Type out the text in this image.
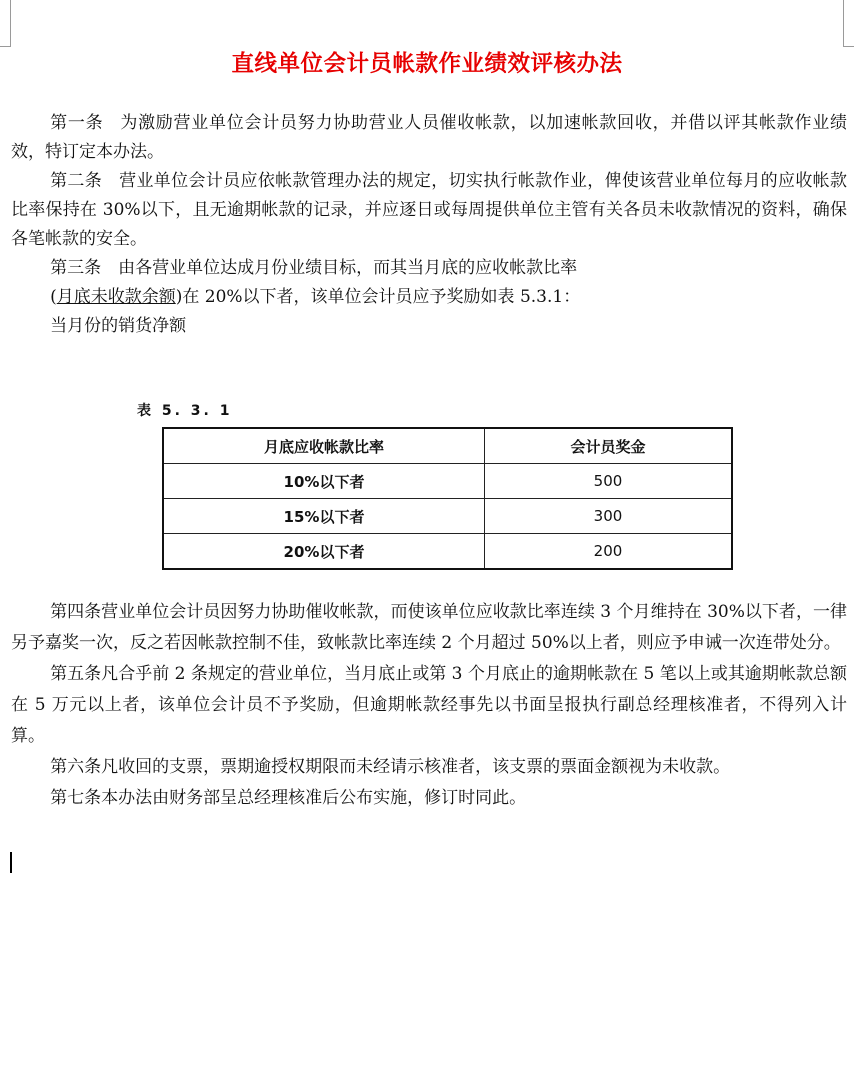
直线单位会计员帐款作业绩效评核办法

第一条 为激励营业单位会计员努力协助营业人员催收帐款，以加速帐款回收，并借以评其帐款作业绩效，特订定本办法。

第二条 营业单位会计员应依帐款管理办法的规定，切实执行帐款作业，俾使该营业单位每月的应收帐款比率保持在 30%以下，且无逾期帐款的记录，并应逐日或每周提供单位主管有关各员未收款情况的资料，确保各笔帐款的安全。

第三条 由各营业单位达成月份业绩目标，而其当月底的应收帐款比率

(月底未收款余额)在 20%以下者，该单位会计员应予奖励如表 5.3.1：

当月份的销货净额

表 5. 3. 1
月底应收帐款比率	会计员奖金
10%以下者	500
15%以下者	300
20%以下者	200

第四条营业单位会计员因努力协助催收帐款，而使该单位应收款比率连续 3 个月维持在 30%以下者，一律另予嘉奖一次，反之若因帐款控制不佳，致帐款比率连续 2 个月超过 50%以上者，则应予申诫一次连带处分。

第五条凡合乎前 2 条规定的营业单位，当月底止或第 3 个月底止的逾期帐款在 5 笔以上或其逾期帐款总额在 5 万元以上者，该单位会计员不予奖励，但逾期帐款经事先以书面呈报执行副总经理核准者，不得列入计算。

第六条凡收回的支票，票期逾授权期限而未经请示核准者，该支票的票面金额视为未收款。

第七条本办法由财务部呈总经理核准后公布实施，修订时同此。
